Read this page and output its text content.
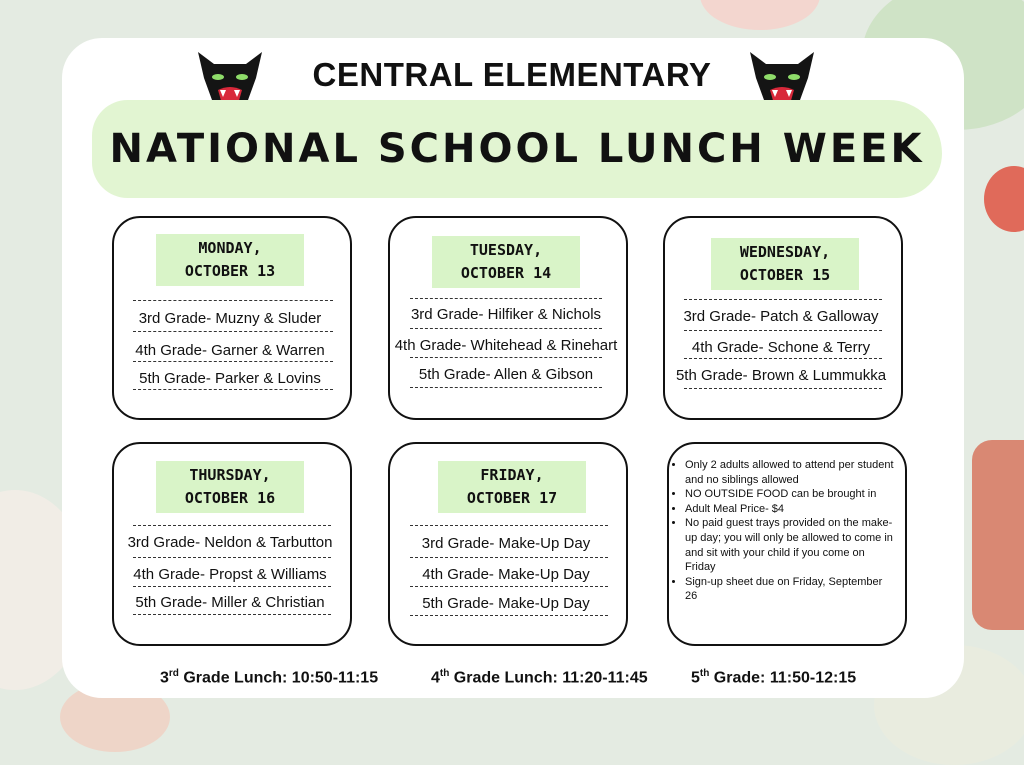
CENTRAL ELEMENTARY
NATIONAL SCHOOL LUNCH WEEK
MONDAY,
OCTOBER 13
3rd Grade- Muzny & Sluder
4th Grade- Garner & Warren
5th Grade- Parker & Lovins
TUESDAY,
OCTOBER 14
3rd Grade- Hilfiker & Nichols
4th Grade- Whitehead & Rinehart
5th Grade- Allen & Gibson
WEDNESDAY,
OCTOBER 15
3rd Grade- Patch & Galloway
4th Grade- Schone & Terry
5th Grade- Brown & Lummukka
THURSDAY,
OCTOBER 16
3rd Grade- Neldon & Tarbutton
4th Grade- Propst & Williams
5th Grade- Miller & Christian
FRIDAY,
OCTOBER 17
3rd Grade- Make-Up Day
4th Grade- Make-Up Day
5th Grade- Make-Up Day
• Only 2 adults allowed to attend per student and no siblings allowed
• NO OUTSIDE FOOD can be brought in
• Adult Meal Price- $4
• No paid guest trays provided on the make-up day; you will only be allowed to come in and sit with your child if you come on Friday
• Sign-up sheet due on Friday, September 26
3rd Grade Lunch: 10:50-11:15	4th Grade Lunch: 11:20-11:45	5th Grade: 11:50-12:15
